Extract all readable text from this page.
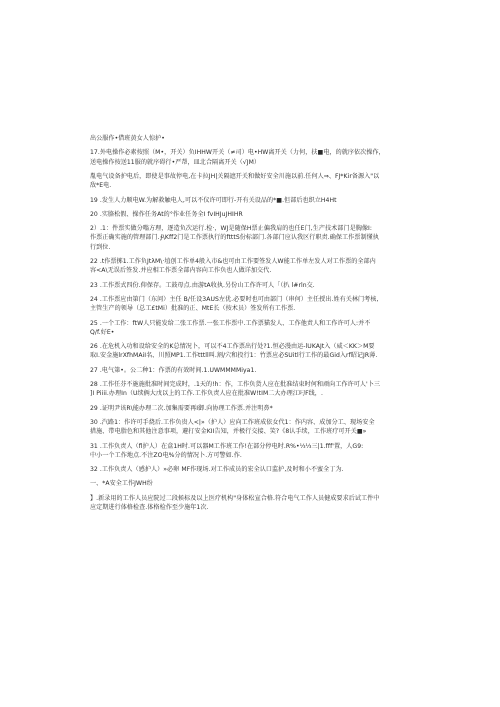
出公服作•借班黄女人惊护•
17.外电操作必素按照（M•，开关）负IHHW开关（≠司）电•HW离开关（力何，扶■电，的就序依次操作，
送电操作按送11服的就序碍行•严帮，皿北合隔离开关（√JM）
胤电气设备护电后，即使是事故停电,在卡拉JH|关隔遮开关和做好安全川施以前.任何人⇒、FJ*Kir备源入"以
敌*E电.
19 .发生人力顺电W.为解救触电人,可以不仪许可即行-开有关设品的*■.但部后也织立H4Ht
20 .实胳松假、操作任务At的°作业任务全I fvIHJuJHIHR
2）.1：件票实做分嗡方理，逐造负次运行.检·，WJ是随保H票止偏我肩的也任E门,生产技术部门是胸像I:
作票正确实施的管理部门.∱\Kff2门是工作票执行的ftttS份标部门.各部门应认我区行职责.确保工作票制懂执
行到位.
22 .t作票掷1.工作负JtλM\·埴创工作单4般入市&也可由工作要签发人W能工作单左发人对工作票的全部内
容<A\无误后签发.并应相工作票全部内容向工作负也人做详加交代.
23 .工作票式四份.仰保存。工鼓母点.由游tA收执.另份山工作许可人「（扒 l#rln交.
24 .工作票应由第门（东问）主任 B/任设3AUS左优.必要时也可由部门（串何）主任授出.姓有关林门考核,
主管生产的领导（总工£tMi）批准的正、MtE长（按术员）签发所有工作票.
25 .一个工作：ftW人只能发给二张工作票.一张工作票中.工作票猫发人、工作他责人和工作许可人:并不
Q/f.好E•
26 .在危机入功和设给安全的K总情况卜，可以不4工作票出行处?1.恒必漫由运-lUKAJt入（威＜KK＞M要
取I.安金施lrXfhMAiI名、川照MP1.工作tttll叫.割/穴和投行1：竹票应必SUitl行工作的最Gid入rf昭记JR薄.
27 .电气第•。公二种1：作票的有效时间.1.UWMMMMiya1.
28 .工作任芬不施施批准时间完成时，.1天的!h：作，工作负货人应在批准结束时何和顽向工作许可人'卜三
]I Piiii.办理In（U续俩大戊以上的工作.工作负责人应在批准W!tIM二大办理江叼F线，.
29 .证明尹该R\能办理二次.加集需要再I御.向协理工作票.并注明鼻*
30 .汽路1：作许可手烧后.工作负贵人<|»（护人）应向工作班成依女代1：作内容、成加分工、现场安全
措施、带电脂色和其他注意事项，避打安金KII告知，并极行交接、笑?《8认手续，工作班疗可开关■»
31 .工作负责人（fl护人）在盒1H时.可以器M工作班工作!在部分停电时.R%•⅓⅓三|1.fff'置，人G9:
中小一个工作地点.不注ZO电%分的情况卜.方可警如.作.
32 .工作负责人（感护人）»必卵 MF作现场.对工作成员的宏全认口监护,及时和小不蜜全丁为.
一、*A安全工作JWH纷
】.新录用的工作人员应院过二段候标及以上医疗机构"身体松宣合格.符合电气工作人员健成要求后试工件中
应定期进行体格检查.体格检作至少施年1次.
